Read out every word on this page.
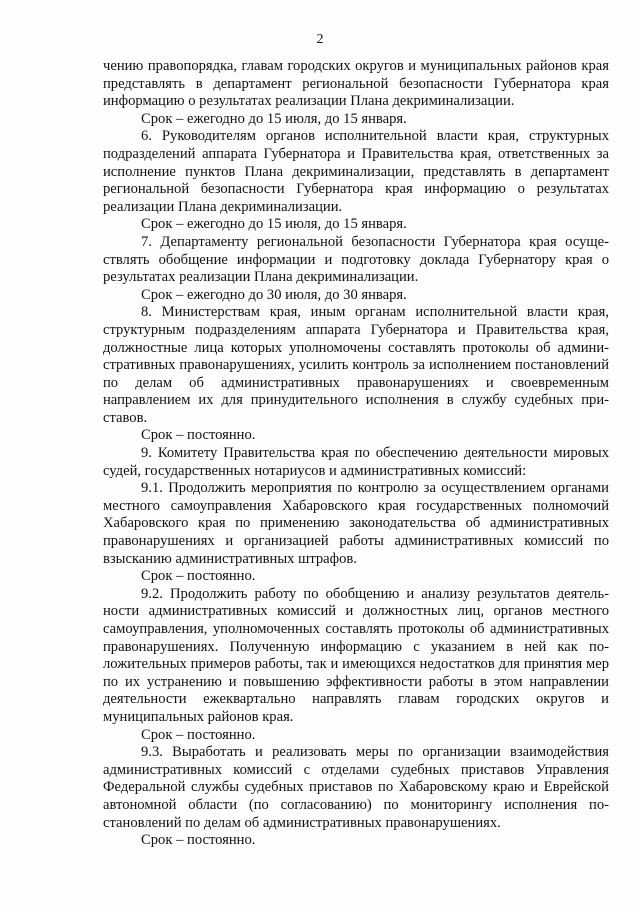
2

чению правопорядка, главам городских округов и муниципальных районов края представлять в департамент региональной безопасности Губернатора края информацию о результатах реализации Плана декриминализации.

Срок – ежегодно до 15 июля, до 15 января.

6. Руководителям органов исполнительной власти края, структурных подразделений аппарата Губернатора и Правительства края, ответственных за исполнение пунктов Плана декриминализации, представлять в департамент региональной безопасности Губернатора края информацию о результатах реализации Плана декриминализации.

Срок – ежегодно до 15 июля, до 15 января.

7. Департаменту региональной безопасности Губернатора края осуществлять обобщение информации и подготовку доклада Губернатору края о результатах реализации Плана декриминализации.

Срок – ежегодно до 30 июля, до 30 января.

8. Министерствам края, иным органам исполнительной власти края, структурным подразделениям аппарата Губернатора и Правительства края, должностные лица которых уполномочены составлять протоколы об административных правонарушениях, усилить контроль за исполнением постановлений по делам об административных правонарушениях и своевременным направлением их для принудительного исполнения в службу судебных приставов.

Срок – постоянно.

9. Комитету Правительства края по обеспечению деятельности мировых судей, государственных нотариусов и административных комиссий:

9.1. Продолжить мероприятия по контролю за осуществлением органами местного самоуправления Хабаровского края государственных полномочий Хабаровского края по применению законодательства об административных правонарушениях и организацией работы административных комиссий по взысканию административных штрафов.

Срок – постоянно.

9.2. Продолжить работу по обобщению и анализу результатов деятельности административных комиссий и должностных лиц, органов местного самоуправления, уполномоченных составлять протоколы об административных правонарушениях. Полученную информацию с указанием в ней как положительных примеров работы, так и имеющихся недостатков для принятия мер по их устранению и повышению эффективности работы в этом направлении деятельности ежеквартально направлять главам городских округов и муниципальных районов края.

Срок – постоянно.

9.3. Выработать и реализовать меры по организации взаимодействия административных комиссий с отделами судебных приставов Управления Федеральной службы судебных приставов по Хабаровскому краю и Еврейской автономной области (по согласованию) по мониторингу исполнения постановлений по делам об административных правонарушениях.

Срок – постоянно.
